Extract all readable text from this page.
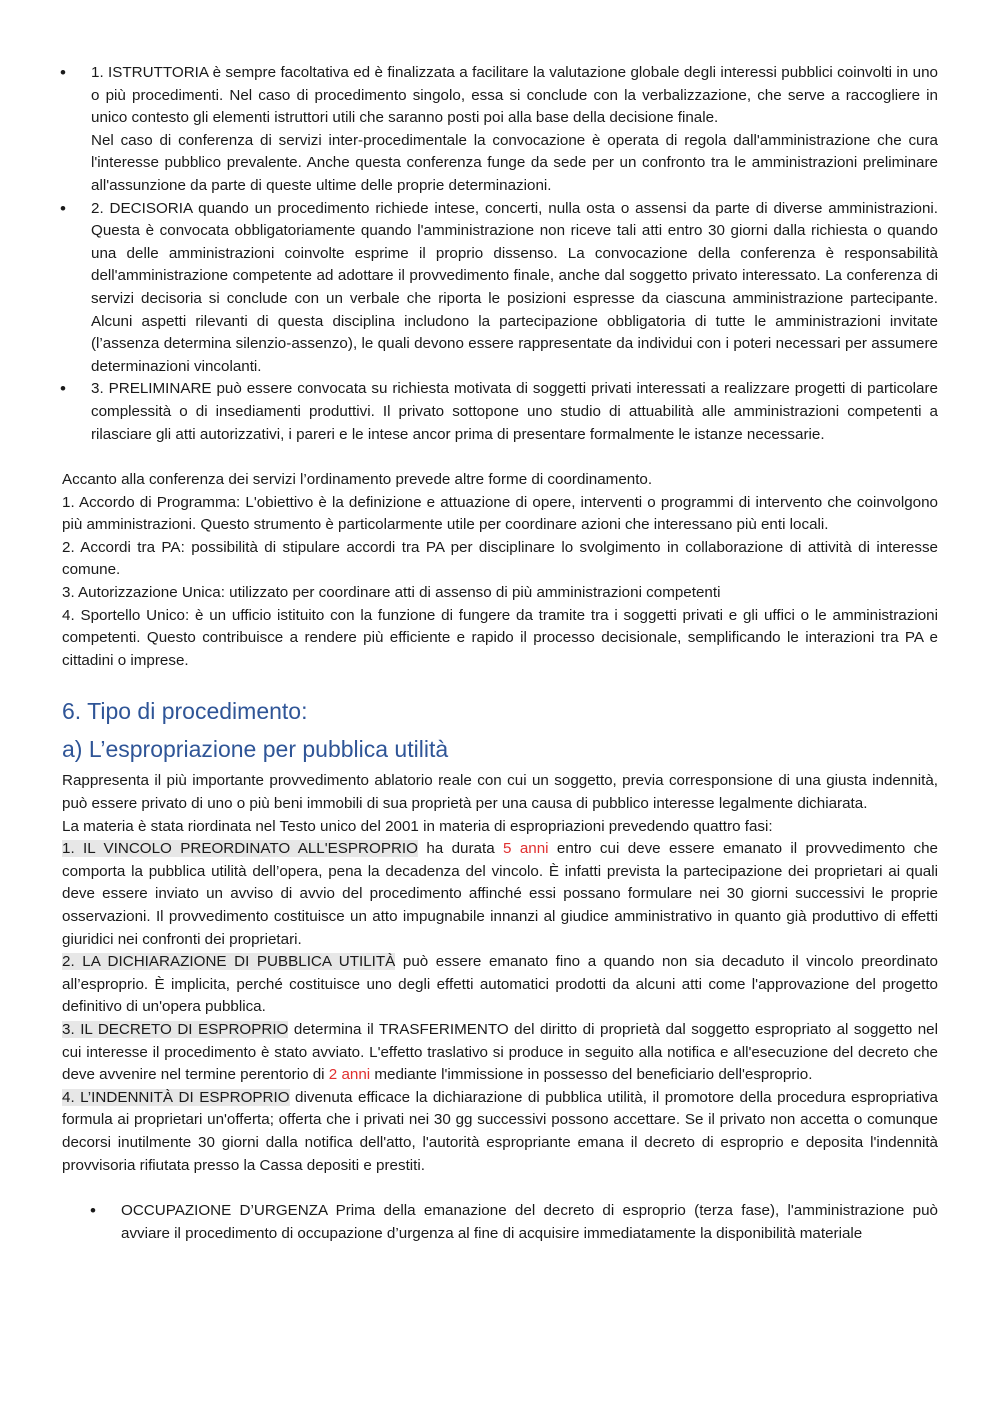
• 1. ISTRUTTORIA è sempre facoltativa ed è finalizzata a facilitare la valutazione globale degli interessi pubblici coinvolti in uno o più procedimenti. Nel caso di procedimento singolo, essa si conclude con la verbalizzazione, che serve a raccogliere in unico contesto gli elementi istruttori utili che saranno posti poi alla base della decisione finale.

Nel caso di conferenza di servizi inter-procedimentale la convocazione è operata di regola dall'amministrazione che cura l'interesse pubblico prevalente. Anche questa conferenza funge da sede per un confronto tra le amministrazioni preliminare all'assunzione da parte di queste ultime delle proprie determinazioni.

• 2. DECISORIA quando un procedimento richiede intese, concerti, nulla osta o assensi da parte di diverse amministrazioni. Questa è convocata obbligatoriamente quando l'amministrazione non riceve tali atti entro 30 giorni dalla richiesta o quando una delle amministrazioni coinvolte esprime il proprio dissenso. La convocazione della conferenza è responsabilità dell'amministrazione competente ad adottare il provvedimento finale, anche dal soggetto privato interessato. La conferenza di servizi decisoria si conclude con un verbale che riporta le posizioni espresse da ciascuna amministrazione partecipante. Alcuni aspetti rilevanti di questa disciplina includono la partecipazione obbligatoria di tutte le amministrazioni invitate (l’assenza determina silenzio-assenzo), le quali devono essere rappresentate da individui con i poteri necessari per assumere determinazioni vincolanti.
• 3. PRELIMINARE può essere convocata su richiesta motivata di soggetti privati interessati a realizzare progetti di particolare complessità o di insediamenti produttivi. Il privato sottopone uno studio di attuabilità alle amministrazioni competenti a rilasciare gli atti autorizzativi, i pareri e le intese ancor prima di presentare formalmente le istanze necessarie.

Accanto alla conferenza dei servizi l’ordinamento prevede altre forme di coordinamento.

1. Accordo di Programma: L'obiettivo è la definizione e attuazione di opere, interventi o programmi di intervento che coinvolgono più amministrazioni. Questo strumento è particolarmente utile per coordinare azioni che interessano più enti locali.

2. Accordi tra PA: possibilità di stipulare accordi tra PA per disciplinare lo svolgimento in collaborazione di attività di interesse comune.

3. Autorizzazione Unica: utilizzato per coordinare atti di assenso di più amministrazioni competenti

4. Sportello Unico: è un ufficio istituito con la funzione di fungere da tramite tra i soggetti privati e gli uffici o le amministrazioni competenti. Questo contribuisce a rendere più efficiente e rapido il processo decisionale, semplificando le interazioni tra PA e cittadini o imprese.

6. Tipo di procedimento:
a) L’espropriazione per pubblica utilità

Rappresenta il più importante provvedimento ablatorio reale con cui un soggetto, previa corresponsione di una giusta indennità, può essere privato di uno o più beni immobili di sua proprietà per una causa di pubblico interesse legalmente dichiarata.

La materia è stata riordinata nel Testo unico del 2001 in materia di espropriazioni prevedendo quattro fasi:

1. IL VINCOLO PREORDINATO ALL'ESPROPRIO ha durata 5 anni entro cui deve essere emanato il provvedimento che comporta la pubblica utilità dell’opera, pena la decadenza del vincolo. È infatti prevista la partecipazione dei proprietari ai quali deve essere inviato un avviso di avvio del procedimento affinché essi possano formulare nei 30 giorni successivi le proprie osservazioni. Il provvedimento costituisce un atto impugnabile innanzi al giudice amministrativo in quanto già produttivo di effetti giuridici nei confronti dei proprietari.

2. LA DICHIARAZIONE DI PUBBLICA UTILITÀ può essere emanato fino a quando non sia decaduto il vincolo preordinato all’esproprio. È implicita, perché costituisce uno degli effetti automatici prodotti da alcuni atti come l'approvazione del progetto definitivo di un'opera pubblica.

3. IL DECRETO DI ESPROPRIO determina il TRASFERIMENTO del diritto di proprietà dal soggetto espropriato al soggetto nel cui interesse il procedimento è stato avviato. L'effetto traslativo si produce in seguito alla notifica e all'esecuzione del decreto che deve avvenire nel termine perentorio di 2 anni mediante l'immissione in possesso del beneficiario dell'esproprio.

4. L’INDENNITÀ DI ESPROPRIO divenuta efficace la dichiarazione di pubblica utilità, il promotore della procedura espropriativa formula ai proprietari un'offerta; offerta che i privati nei 30 gg successivi possono accettare. Se il privato non accetta o comunque decorsi inutilmente 30 giorni dalla notifica dell'atto, l'autorità espropriante emana il decreto di esproprio e deposita l'indennità provvisoria rifiutata presso la Cassa depositi e prestiti.

• OCCUPAZIONE D’URGENZA Prima della emanazione del decreto di esproprio (terza fase), l'amministrazione può avviare il procedimento di occupazione d’urgenza al fine di acquisire immediatamente la disponibilità materiale
